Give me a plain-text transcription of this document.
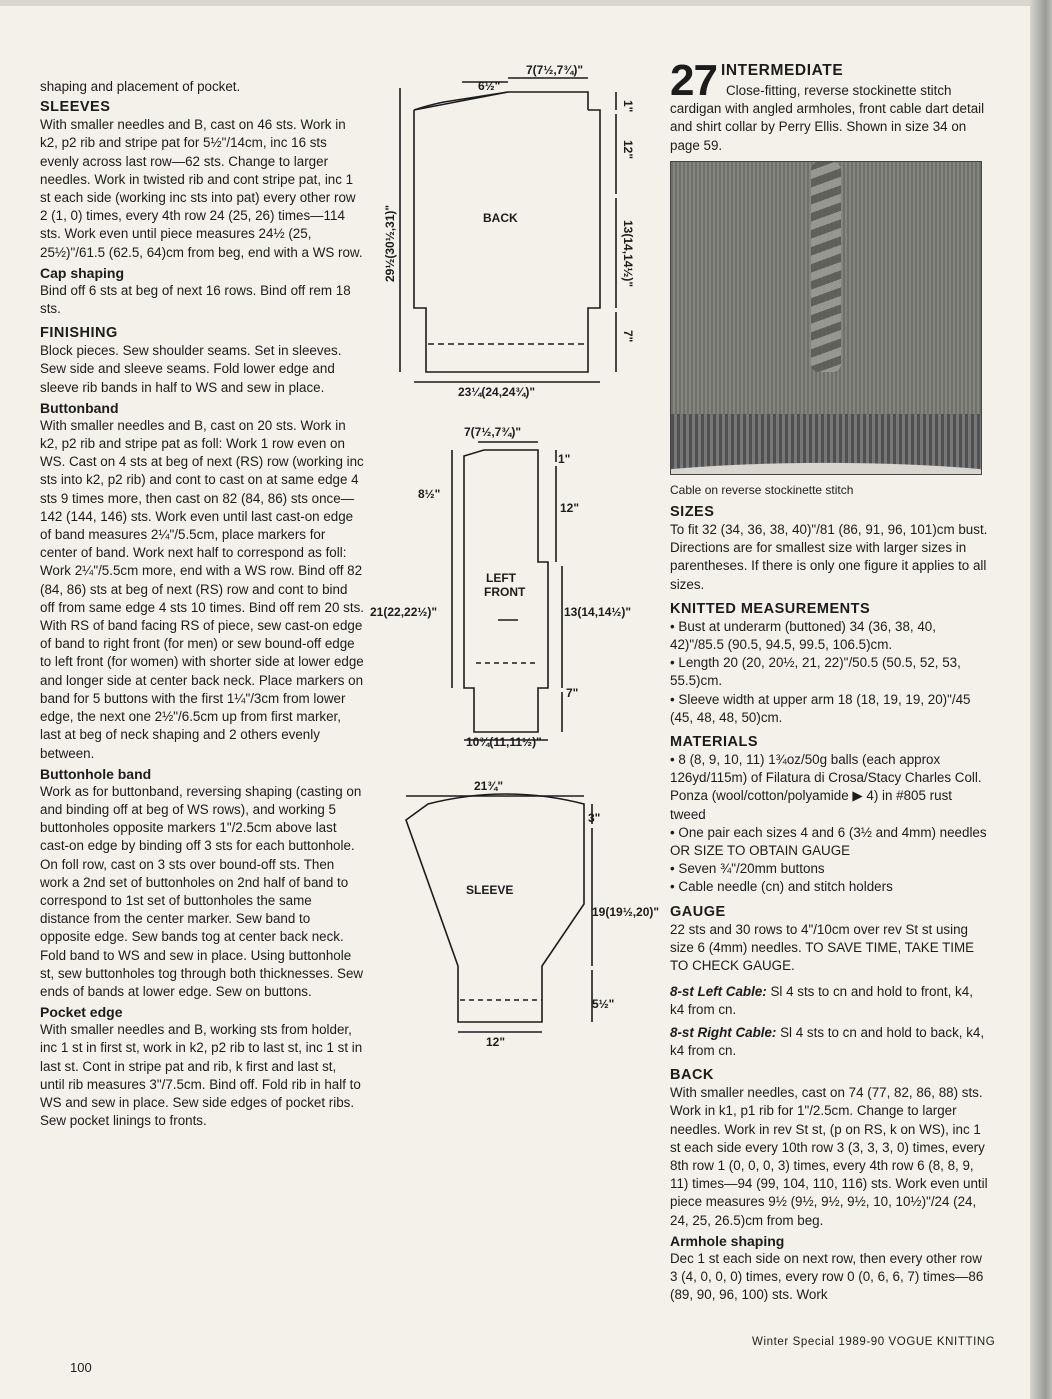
shaping and placement of pocket.

SLEEVES

With smaller needles and B, cast on 46 sts. Work in k2, p2 rib and stripe pat for 5½"/14cm, inc 16 sts evenly across last row—62 sts. Change to larger needles. Work in twisted rib and cont stripe pat, inc 1 st each side (working inc sts into pat) every other row 2 (1, 0) times, every 4th row 24 (25, 26) times—114 sts. Work even until piece measures 24½ (25, 25½)"/61.5 (62.5, 64)cm from beg, end with a WS row.

Cap shaping

Bind off 6 sts at beg of next 16 rows. Bind off rem 18 sts.

FINISHING

Block pieces. Sew shoulder seams. Set in sleeves. Sew side and sleeve seams. Fold lower edge and sleeve rib bands in half to WS and sew in place.

Buttonband

With smaller needles and B, cast on 20 sts. Work in k2, p2 rib and stripe pat as foll: Work 1 row even on WS. Cast on 4 sts at beg of next (RS) row (working inc sts into k2, p2 rib) and cont to cast on at same edge 4 sts 9 times more, then cast on 82 (84, 86) sts once—142 (144, 146) sts. Work even until last cast-on edge of band measures 2¼"/5.5cm, place markers for center of band. Work next half to correspond as foll: Work 2¼"/5.5cm more, end with a WS row. Bind off 82 (84, 86) sts at beg of next (RS) row and cont to bind off from same edge 4 sts 10 times. Bind off rem 20 sts. With RS of band facing RS of piece, sew cast-on edge of band to right front (for men) or sew bound-off edge to left front (for women) with shorter side at lower edge and longer side at center back neck. Place markers on band for 5 buttons with the first 1¼"/3cm from lower edge, the next one 2½"/6.5cm up from first marker, last at beg of neck shaping and 2 others evenly between.

Buttonhole band

Work as for buttonband, reversing shaping (casting on and binding off at beg of WS rows), and working 5 buttonholes opposite markers 1"/2.5cm above last cast-on edge by binding off 3 sts for each buttonhole. On foll row, cast on 3 sts over bound-off sts. Then work a 2nd set of buttonholes on 2nd half of band to correspond to 1st set of buttonholes the same distance from the center marker. Sew band to opposite edge. Sew bands tog at center back neck. Fold band to WS and sew in place. Using buttonhole st, sew buttonholes tog through both thicknesses. Sew ends of bands at lower edge. Sew on buttons.

Pocket edge

With smaller needles and B, working sts from holder, inc 1 st in first st, work in k2, p2 rib to last st, inc 1 st in last st. Cont in stripe pat and rib, k first and last st, until rib measures 3"/7.5cm. Bind off. Fold rib in half to WS and sew in place. Sew side edges of pocket ribs. Sew pocket linings to fronts.

BACK
6½"
7(7½,7¾)"
1"
12"
13(14,14½)"
7"
29½(30½,31)"
23¼(24,24¾)"
7(7½,7¾)"
1"
8½"
12"
LEFT
FRONT
21(22,22½)"	13(14,14½)"
7"
10¾(11,11½)"
21¾"
3"
SLEEVE
19(19½,20)"
5½"
12"
27 INTERMEDIATE

Close-fitting, reverse stockinette stitch cardigan with angled armholes, front cable dart detail and shirt collar by Perry Ellis. Shown in size 34 on page 59.

Cable on reverse stockinette stitch
SIZES

To fit 32 (34, 36, 38, 40)"/81 (86, 91, 96, 101)cm bust. Directions are for smallest size with larger sizes in parentheses. If there is only one figure it applies to all sizes.

KNITTED MEASUREMENTS

• Bust at underarm (buttoned) 34 (36, 38, 40, 42)"/85.5 (90.5, 94.5, 99.5, 106.5)cm.

• Length 20 (20, 20½, 21, 22)"/50.5 (50.5, 52, 53, 55.5)cm.

• Sleeve width at upper arm 18 (18, 19, 19, 20)"/45 (45, 48, 48, 50)cm.

MATERIALS

• 8 (8, 9, 10, 11) 1¾oz/50g balls (each approx 126yd/115m) of Filatura di Crosa/Stacy Charles Coll. Ponza (wool/cotton/polyamide ▶ 4) in #805 rust tweed

• One pair each sizes 4 and 6 (3½ and 4mm) needles OR SIZE TO OBTAIN GAUGE

• Seven ¾"/20mm buttons

• Cable needle (cn) and stitch holders

GAUGE

22 sts and 30 rows to 4"/10cm over rev St st using size 6 (4mm) needles. TO SAVE TIME, TAKE TIME TO CHECK GAUGE.

8-st Left Cable: Sl 4 sts to cn and hold to front, k4, k4 from cn.

8-st Right Cable: Sl 4 sts to cn and hold to back, k4, k4 from cn.

BACK

With smaller needles, cast on 74 (77, 82, 86, 88) sts. Work in k1, p1 rib for 1"/2.5cm. Change to larger needles. Work in rev St st, (p on RS, k on WS), inc 1 st each side every 10th row 3 (3, 3, 3, 0) times, every 8th row 1 (0, 0, 0, 3) times, every 4th row 6 (8, 8, 9, 11) times—94 (99, 104, 110, 116) sts. Work even until piece measures 9½ (9½, 9½, 9½, 10, 10½)"/24 (24, 24, 25, 26.5)cm from beg.

Armhole shaping

Dec 1 st each side on next row, then every other row 3 (4, 0, 0, 0) times, every row 0 (0, 6, 6, 7) times—86 (89, 90, 96, 100) sts. Work

Winter Special 1989-90 VOGUE KNITTING
100
